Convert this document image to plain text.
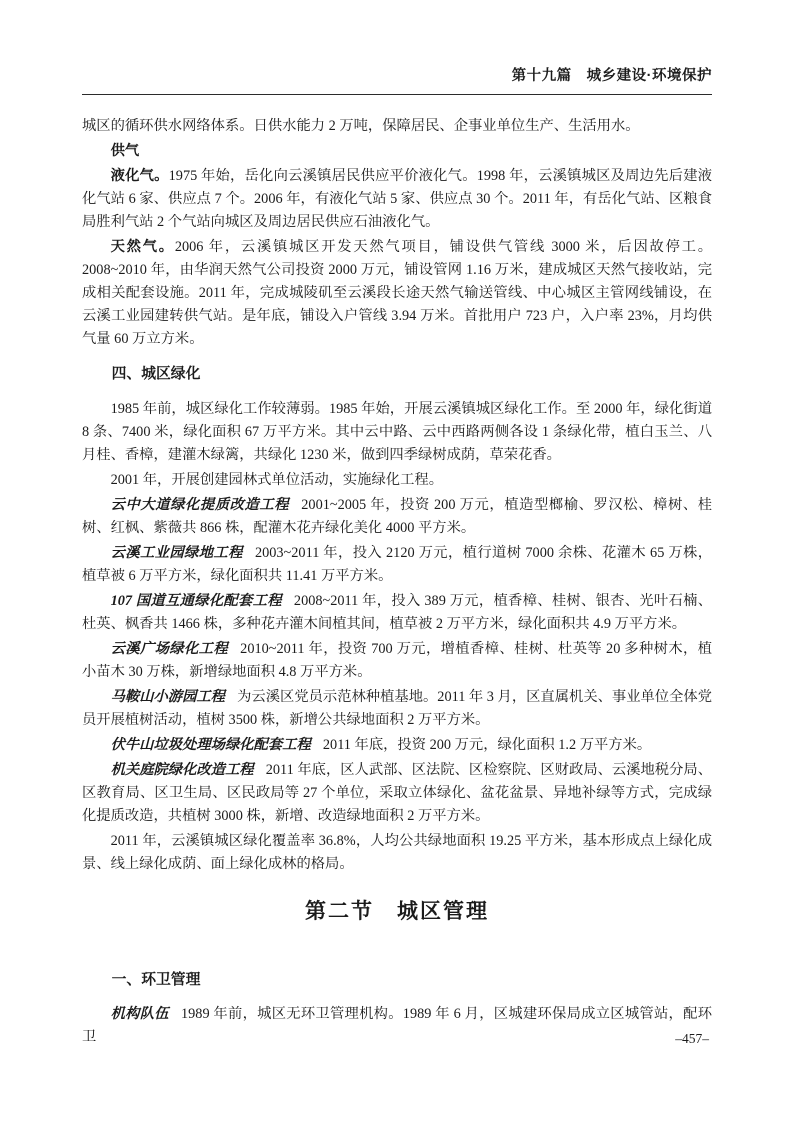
第十九篇　城乡建设·环境保护

城区的循环供水网络体系。日供水能力 2 万吨，保障居民、企事业单位生产、生活用水。

供气

液化气。1975 年始，岳化向云溪镇居民供应平价液化气。1998 年，云溪镇城区及周边先后建液化气站 6 家、供应点 7 个。2006 年，有液化气站 5 家、供应点 30 个。2011 年，有岳化气站、区粮食局胜利气站 2 个气站向城区及周边居民供应石油液化气。

天然气。2006 年，云溪镇城区开发天然气项目，铺设供气管线 3000 米，后因故停工。2008~2010 年，由华润天然气公司投资 2000 万元，铺设管网 1.16 万米，建成城区天然气接收站，完成相关配套设施。2011 年，完成城陵矶至云溪段长途天然气输送管线、中心城区主管网线铺设，在云溪工业园建转供气站。是年底，铺设入户管线 3.94 万米。首批用户 723 户，入户率 23%，月均供气量 60 万立方米。

四、城区绿化

1985 年前，城区绿化工作较薄弱。1985 年始，开展云溪镇城区绿化工作。至 2000 年，绿化街道 8 条、7400 米，绿化面积 67 万平方米。其中云中路、云中西路两侧各设 1 条绿化带，植白玉兰、八月桂、香樟，建灌木绿篱，共绿化 1230 米，做到四季绿树成荫，草荣花香。

2001 年，开展创建园林式单位活动，实施绿化工程。

云中大道绿化提质改造工程 2001~2005 年，投资 200 万元，植造型榔榆、罗汉松、樟树、桂树、红枫、紫薇共 866 株，配灌木花卉绿化美化 4000 平方米。

云溪工业园绿地工程 2003~2011 年，投入 2120 万元，植行道树 7000 余株、花灌木 65 万株，植草被 6 万平方米，绿化面积共 11.41 万平方米。

107 国道互通绿化配套工程 2008~2011 年，投入 389 万元，植香樟、桂树、银杏、光叶石楠、杜英、枫香共 1466 株，多种花卉灌木间植其间，植草被 2 万平方米，绿化面积共 4.9 万平方米。

云溪广场绿化工程 2010~2011 年，投资 700 万元，增植香樟、桂树、杜英等 20 多种树木，植小苗木 30 万株，新增绿地面积 4.8 万平方米。

马鞍山小游园工程 为云溪区党员示范林种植基地。2011 年 3 月，区直属机关、事业单位全体党员开展植树活动，植树 3500 株，新增公共绿地面积 2 万平方米。

伏牛山垃圾处理场绿化配套工程 2011 年底，投资 200 万元，绿化面积 1.2 万平方米。

机关庭院绿化改造工程 2011 年底，区人武部、区法院、区检察院、区财政局、云溪地税分局、区教育局、区卫生局、区民政局等 27 个单位，采取立体绿化、盆花盆景、异地补绿等方式，完成绿化提质改造，共植树 3000 株，新增、改造绿地面积 2 万平方米。

2011 年，云溪镇城区绿化覆盖率 36.8%，人均公共绿地面积 19.25 平方米，基本形成点上绿化成景、线上绿化成荫、面上绿化成林的格局。

第二节　城区管理

一、环卫管理

机构队伍 1989 年前，城区无环卫管理机构。1989 年 6 月，区城建环保局成立区城管站，配环卫	–457–
